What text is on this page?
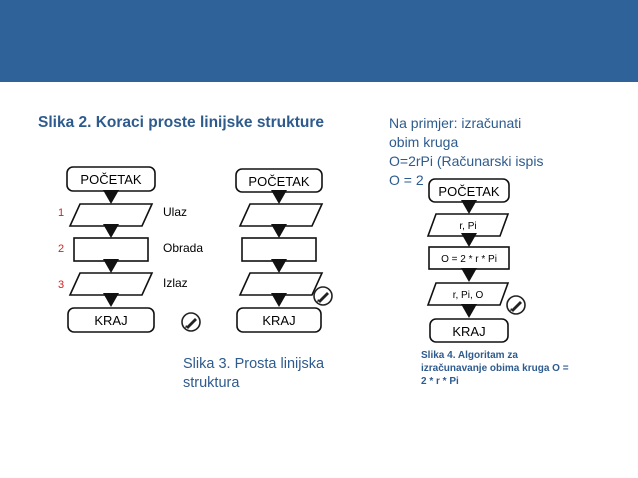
Slika 2. Koraci proste linijske strukture	Na primjer: izračunati
obim kruga
O=2rPi (Računarski ispis
O = 2
POČETAK
KRAJ
1
2
3
Ulaz
Obrada
Izlaz
POČETAK
KRAJ
POČETAK
r, Pi
O = 2 * r * Pi
r, Pi, O
KRAJ
Slika 3. Prosta linijska
struktura
Slika 4. Algoritam za
izračunavanje obima kruga O =
2 * r * Pi
